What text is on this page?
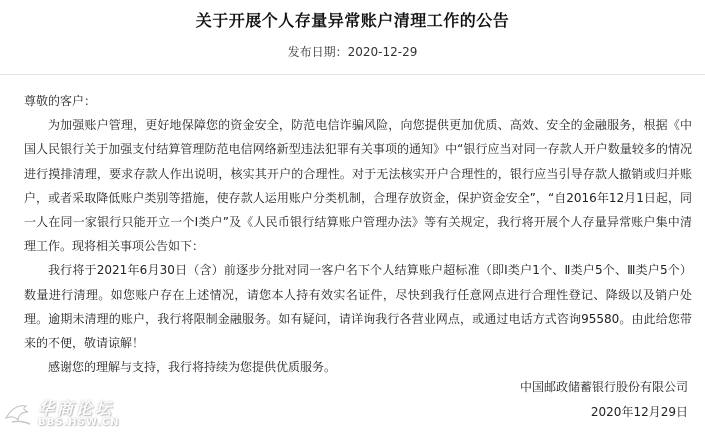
关于开展个人存量异常账户清理工作的公告
发布日期：2020-12-29

尊敬的客户：

为加强账户管理，更好地保障您的资金安全，防范电信诈骗风险，向您提供更加优质、高效、安全的金融服务，根据《中国人民银行关于加强支付结算管理防范电信网络新型违法犯罪有关事项的通知》中“银行应当对同一存款人开户数量较多的情况进行摸排清理，要求存款人作出说明，核实其开户的合理性。对于无法核实开户合理性的，银行应当引导存款人撤销或归并账户，或者采取降低账户类别等措施，使存款人运用账户分类机制，合理存放资金，保护资金安全”，“自2016年12月1日起，同一人在同一家银行只能开立一个Ⅰ类户”及《人民币银行结算账户管理办法》等有关规定，我行将开展个人存量异常账户集中清理工作。现将相关事项公告如下：

我行将于2021年6月30日（含）前逐步分批对同一客户名下个人结算账户超标准（即Ⅰ类户1个、Ⅱ类户5个、Ⅲ类户5个）数量进行清理。如您账户存在上述情况，请您本人持有效实名证件，尽快到我行任意网点进行合理性登记、降级以及销户处理。逾期未清理的账户，我行将限制金融服务。如有疑问，请详询我行各营业网点，或通过电话方式咨询95580。由此给您带来的不便，敬请谅解！

感谢您的理解与支持，我行将持续为您提供优质服务。

中国邮政储蓄银行股份有限公司
2020年12月29日
华商论坛
BBS.HSW.CN
